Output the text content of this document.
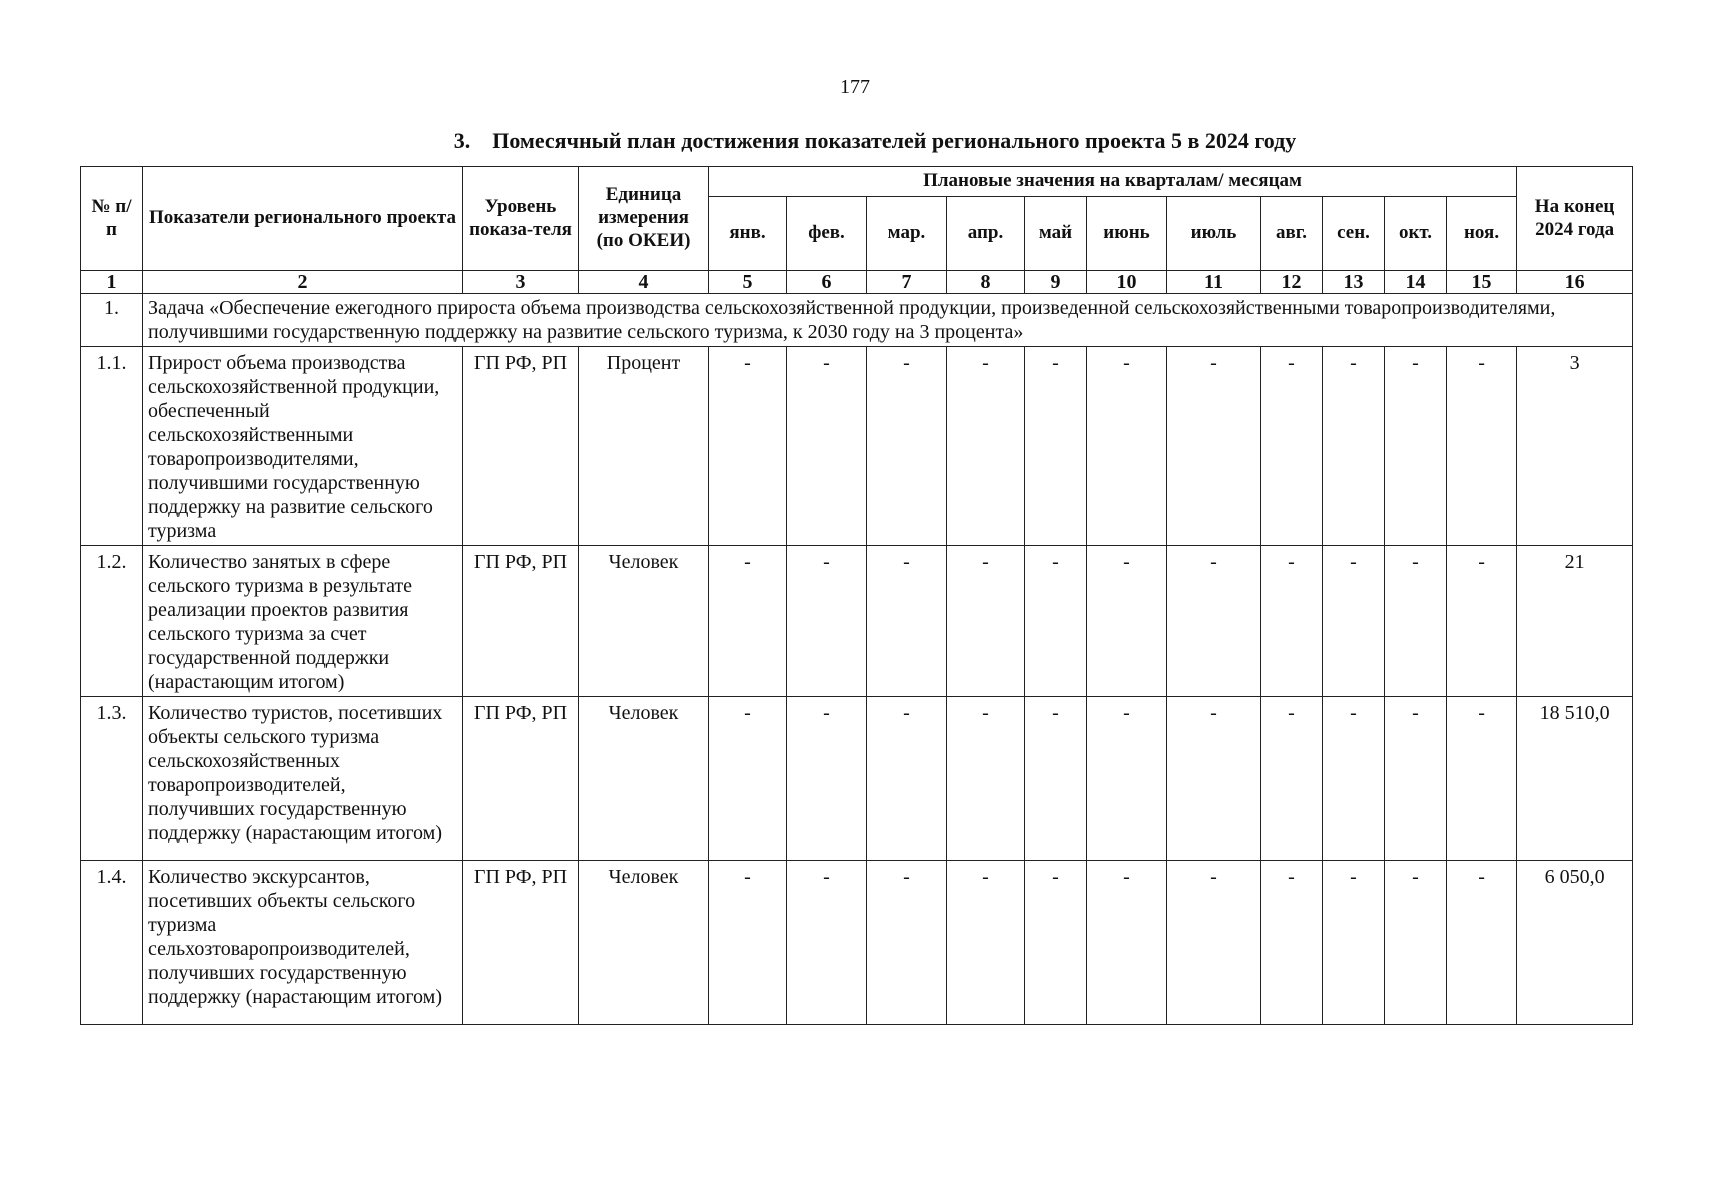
177
3. Помесячный план достижения показателей регионального проекта 5 в 2024 году
№ п/п	Показатели регионального проекта	Уровень показа-теля	Единица измерения (по ОКЕИ)	Плановые значения на кварталам/ месяцам											На конец 2024 года
				янв.	фев.	мар.	апр.	май	июнь	июль	авг.	сен.	окт.	ноя.	
1	2	3	4	5	6	7	8	9	10	11	12	13	14	15	16
1.	Задача «Обеспечение ежегодного прироста объема производства сельскохозяйственной продукции, произведенной сельскохозяйственными товаропроизводителями, получившими государственную поддержку на развитие сельского туризма, к 2030 году на 3 процента»														
1.1.	Прирост объема производства сельскохозяйственной продукции, обеспеченный сельскохозяйственными товаропроизводителями, получившими государственную поддержку на развитие сельского туризма	ГП РФ, РП	Процент	-	-	-	-	-	-	-	-	-	-	-	3
1.2.	Количество занятых в сфере сельского туризма в результате реализации проектов развития сельского туризма за счет государственной поддержки (нарастающим итогом)	ГП РФ, РП	Человек	-	-	-	-	-	-	-	-	-	-	-	21
1.3.	Количество туристов, посетивших объекты сельского туризма сельскохозяйственных товаропроизводителей, получивших государственную поддержку (нарастающим итогом)	ГП РФ, РП	Человек	-	-	-	-	-	-	-	-	-	-	-	18 510,0
1.4.	Количество экскурсантов, посетивших объекты сельского туризма сельхозтоваропроизводителей, получивших государственную поддержку (нарастающим итогом)	ГП РФ, РП	Человек	-	-	-	-	-	-	-	-	-	-	-	6 050,0
